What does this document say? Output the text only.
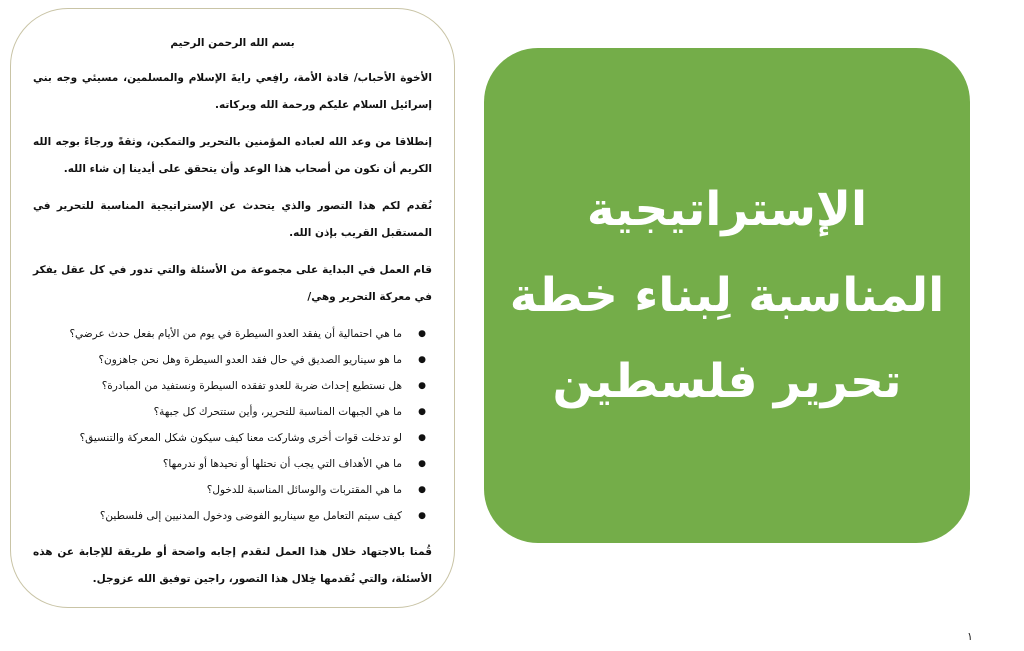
بسم الله الرحمن الرحيم

الأخوة الأحباب/ قادة الأمة، رافِعي رايةَ الإسلام والمسلمين، مسيئي وجه بني إسرائيل السلام عليكم ورحمة الله وبركاته.

إنطلاقا من وعد الله لعباده المؤمنين بالتحرير والتمكين، وثقةً ورجاءً بوجه الله الكريم أن نكون من أصحاب هذا الوعد وأن يتحقق على أيدينا إن شاء الله.

نُقدم لكم هذا التصور والذي يتحدث عن الإستراتيجية المناسبة للتحرير في المستقبل القريب بإذن الله.

قام العمل في البداية على مجموعة من الأسئلة والتي تدور في كل عقل يفكر في معركة التحرير وهي/

●
ما هي احتمالية أن يفقد العدو السيطرة في يوم من الأيام بفعل حدث عرضي؟
●
ما هو سيناريو الصديق في حال فقد العدو السيطرة وهل نحن جاهزون؟
●
هل نستطيع إحداث ضربة للعدو تفقده السيطرة ونستفيد من المبادرة؟
●
ما هي الجبهات المناسبة للتحرير، وأين ستتحرك كل جبهة؟
●
لو تدخلت قوات أخرى وشاركت معنا كيف سيكون شكل المعركة والتنسيق؟
●
ما هي الأهداف التي يجب أن نحتلها أو نحيدها أو ندرمها؟
●
ما هي المقتربات والوسائل المناسبة للدخول؟
●
كيف سيتم التعامل مع سيناريو الفوضى ودخول المدنيين إلى فلسطين؟

قُمنا بالاجتهاد خلال هذا العمل لنقدم إجابه واضحة أو طريقة للإجابة عن هذه الأسئلة، والتي نُقدمها خِلال هذا التصور، راجين توفيق الله عزوجل.

الإستراتيجية
المناسبة لِبناء خطة
تحرير فلسطين
١
